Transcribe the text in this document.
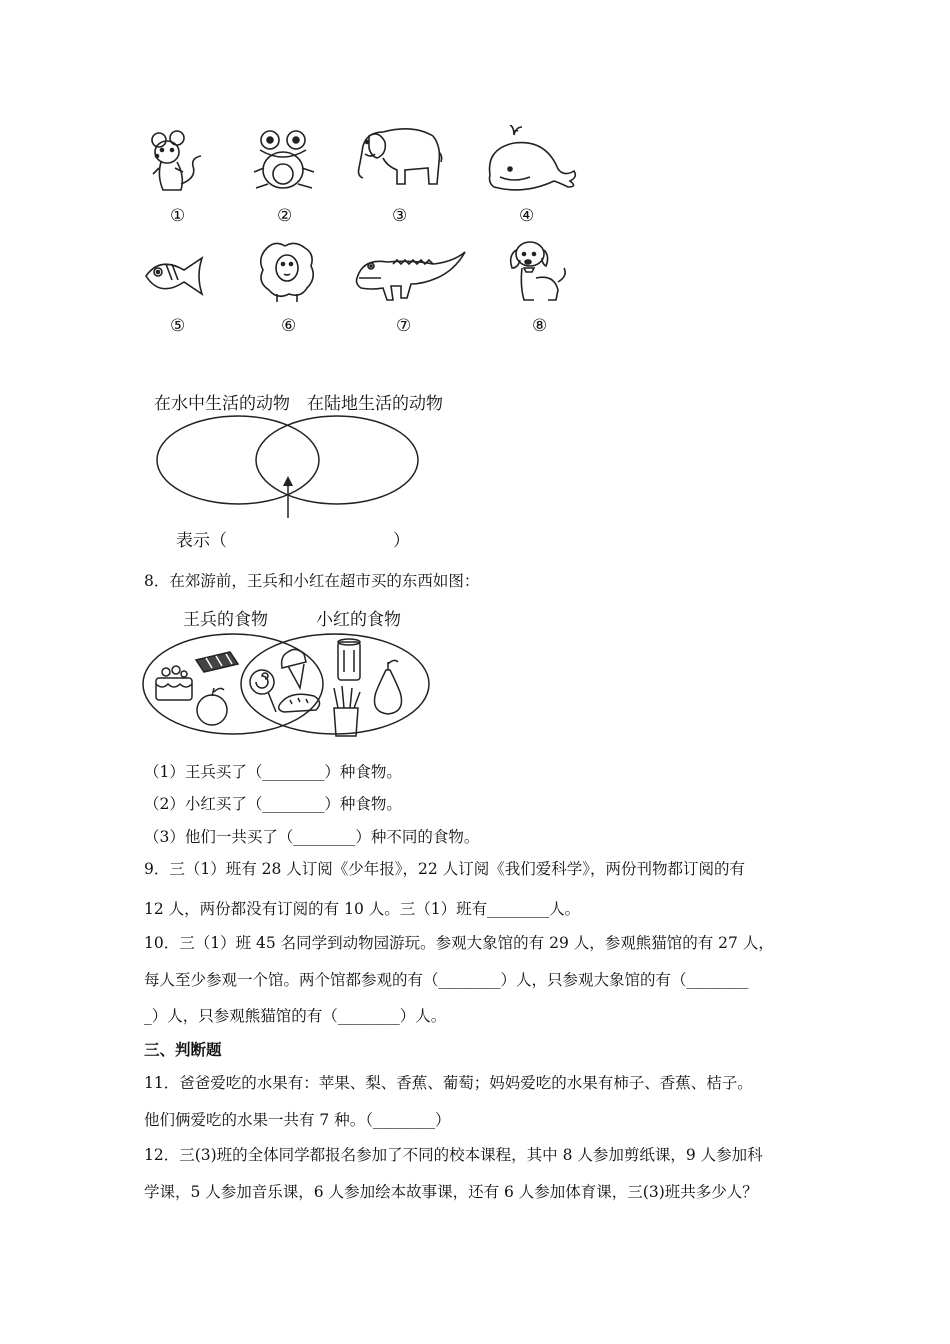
①	②	③	④
⑤	⑥	⑦	⑧
在水中生活的动物 在陆地生活的动物
表示（	）
8．在郊游前，王兵和小红在超市买的东西如图：
王兵的食物	小红的食物
（1）王兵买了（________）种食物。
（2）小红买了（________）种食物。
（3）他们一共买了（________）种不同的食物。
9．三（1）班有 28 人订阅《少年报》，22 人订阅《我们爱科学》，两份刊物都订阅的有
12 人，两份都没有订阅的有 10 人。三（1）班有________人。
10．三（1）班 45 名同学到动物园游玩。参观大象馆的有 29 人，参观熊猫馆的有 27 人，
每人至少参观一个馆。两个馆都参观的有（________）人，只参观大象馆的有（________
_）人，只参观熊猫馆的有（________）人。
三、判断题
11．爸爸爱吃的水果有：苹果、梨、香蕉、葡萄；妈妈爱吃的水果有柿子、香蕉、桔子。
他们俩爱吃的水果一共有 7 种。（________）
12．三(3)班的全体同学都报名参加了不同的校本课程，其中 8 人参加剪纸课，9 人参加科
学课，5 人参加音乐课，6 人参加绘本故事课，还有 6 人参加体育课，三(3)班共多少人？
